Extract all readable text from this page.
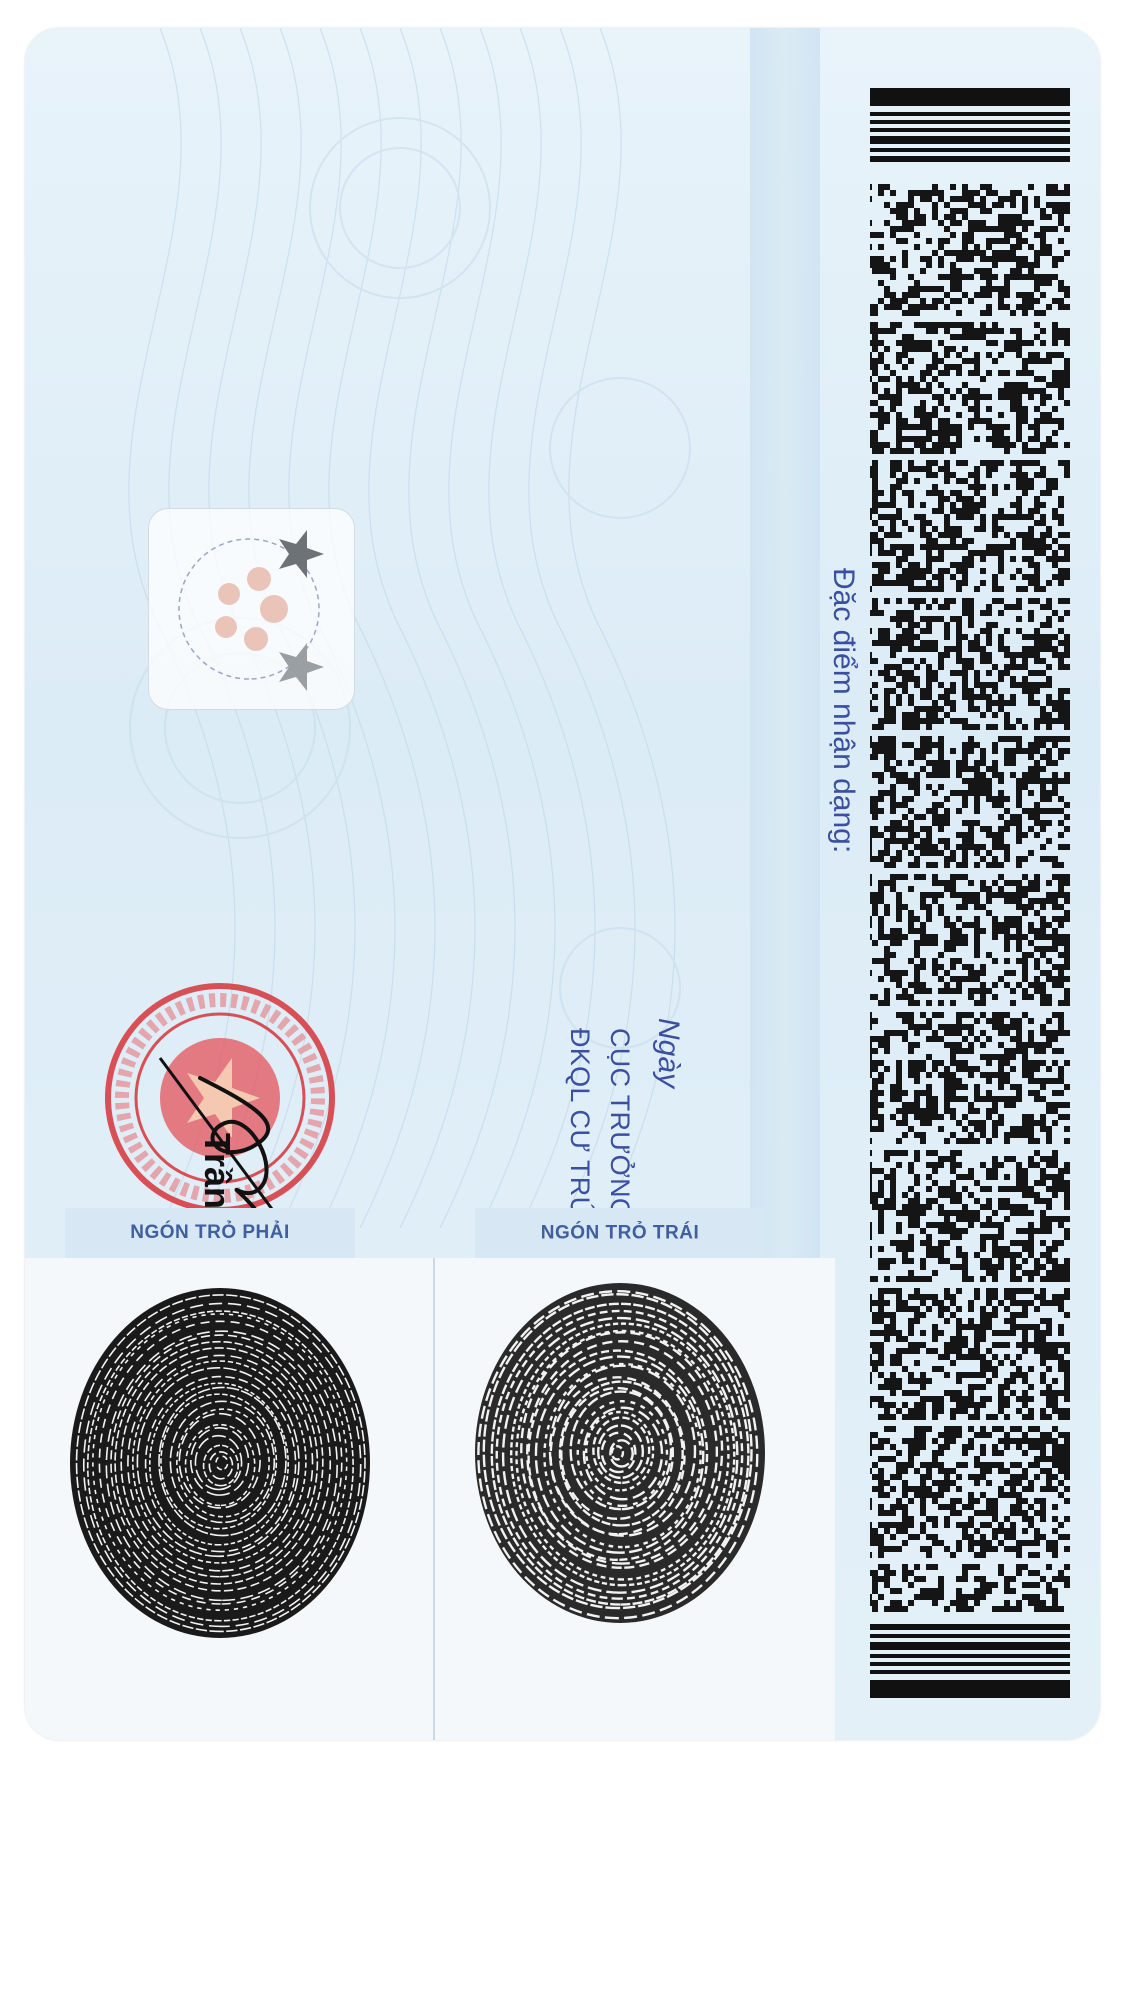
Đặc điểm nhận dạng:
Ngày
NGÓN TRỎ TRÁI
NGÓN TRỎ PHẢI
